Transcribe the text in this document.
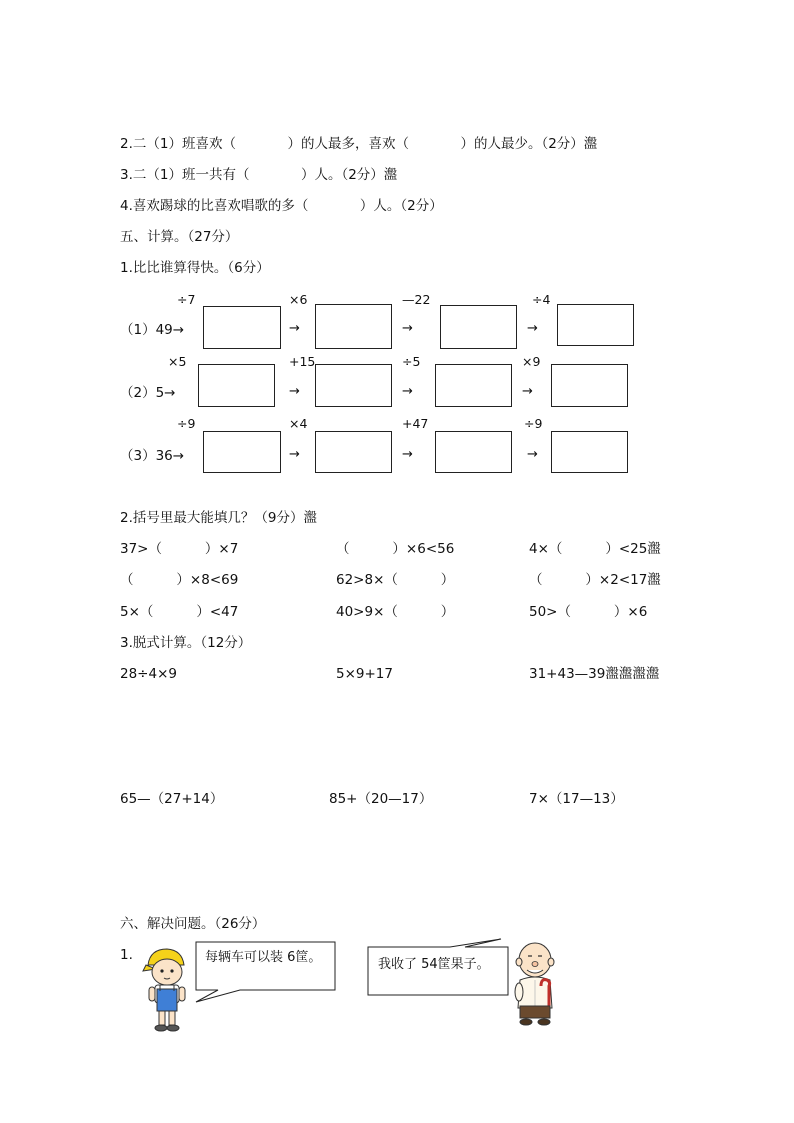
2.二（1）班喜欢（            ）的人最多，喜欢（            ）的人最少。（2分）瀊
3.二（1）班一共有（            ）人。（2分）瀊
4.喜欢踢球的比喜欢唱歌的多（            ）人。（2分）
五、计算。（27分）
1.比比谁算得快。（6分）
（1）49→
÷7	×6
→
—22
→
÷4
→
（2）5→
×5	+15
→
÷5
→
×9
→
（3）36→
÷9	×4
→
+47
→
÷9
→
2.括号里最大能填几？（9分）瀊
37>（          ）×7	（          ）×6<56	4×（          ）<25瀊
（          ）×8<69	62>8×（          ）	（          ）×2<17瀊
5×（          ）<47	40>9×（          ）	50>（          ）×6
3.脱式计算。（12分）
28÷4×9	5×9+17	31+43—39瀊瀊瀊瀊
65—（27+14）	85+（20—17）	7×（17—13）
六、解决问题。（26分）
1.	每辆车可以装 6筐。	我收了 54筐果子。
